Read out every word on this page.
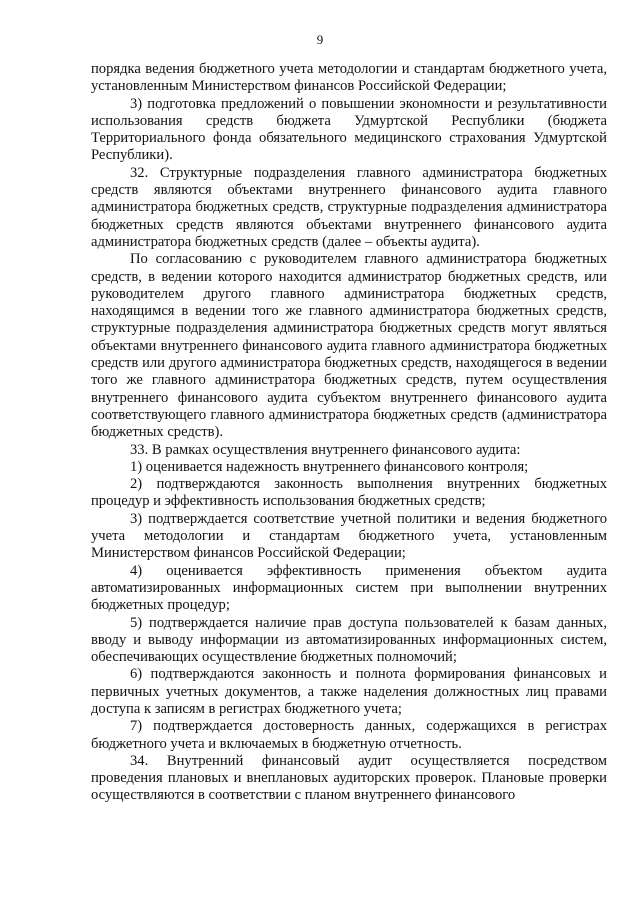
9

порядка ведения бюджетного учета методологии и стандартам бюджетного учета, установленным Министерством финансов Российской Федерации;

3) подготовка предложений о повышении экономности и результативности использования средств бюджета Удмуртской Республики (бюджета Территориального фонда обязательного медицинского страхования Удмуртской Республики).

32. Структурные подразделения главного администратора бюджетных средств являются объектами внутреннего финансового аудита главного администратора бюджетных средств, структурные подразделения администратора бюджетных средств являются объектами внутреннего финансового аудита администратора бюджетных средств (далее – объекты аудита).

По согласованию с руководителем главного администратора бюджетных средств, в ведении которого находится администратор бюджетных средств, или руководителем другого главного администратора бюджетных средств, находящимся в ведении того же главного администратора бюджетных средств, структурные подразделения администратора бюджетных средств могут являться объектами внутреннего финансового аудита главного администратора бюджетных средств или другого администратора бюджетных средств, находящегося в ведении того же главного администратора бюджетных средств, путем осуществления внутреннего финансового аудита субъектом внутреннего финансового аудита соответствующего главного администратора бюджетных средств (администратора бюджетных средств).

33. В рамках осуществления внутреннего финансового аудита:

1) оценивается надежность внутреннего финансового контроля;

2) подтверждаются законность выполнения внутренних бюджетных процедур и эффективность использования бюджетных средств;

3) подтверждается соответствие учетной политики и ведения бюджетного учета методологии и стандартам бюджетного учета, установленным Министерством финансов Российской Федерации;

4) оценивается эффективность применения объектом аудита автоматизированных информационных систем при выполнении внутренних бюджетных процедур;

5) подтверждается наличие прав доступа пользователей к базам данных, вводу и выводу информации из автоматизированных информационных систем, обеспечивающих осуществление бюджетных полномочий;

6) подтверждаются законность и полнота формирования финансовых и первичных учетных документов, а также наделения должностных лиц правами доступа к записям в регистрах бюджетного учета;

7) подтверждается достоверность данных, содержащихся в регистрах бюджетного учета и включаемых в бюджетную отчетность.

34. Внутренний финансовый аудит осуществляется посредством проведения плановых и внеплановых аудиторских проверок. Плановые проверки осуществляются в соответствии с планом внутреннего финансового
